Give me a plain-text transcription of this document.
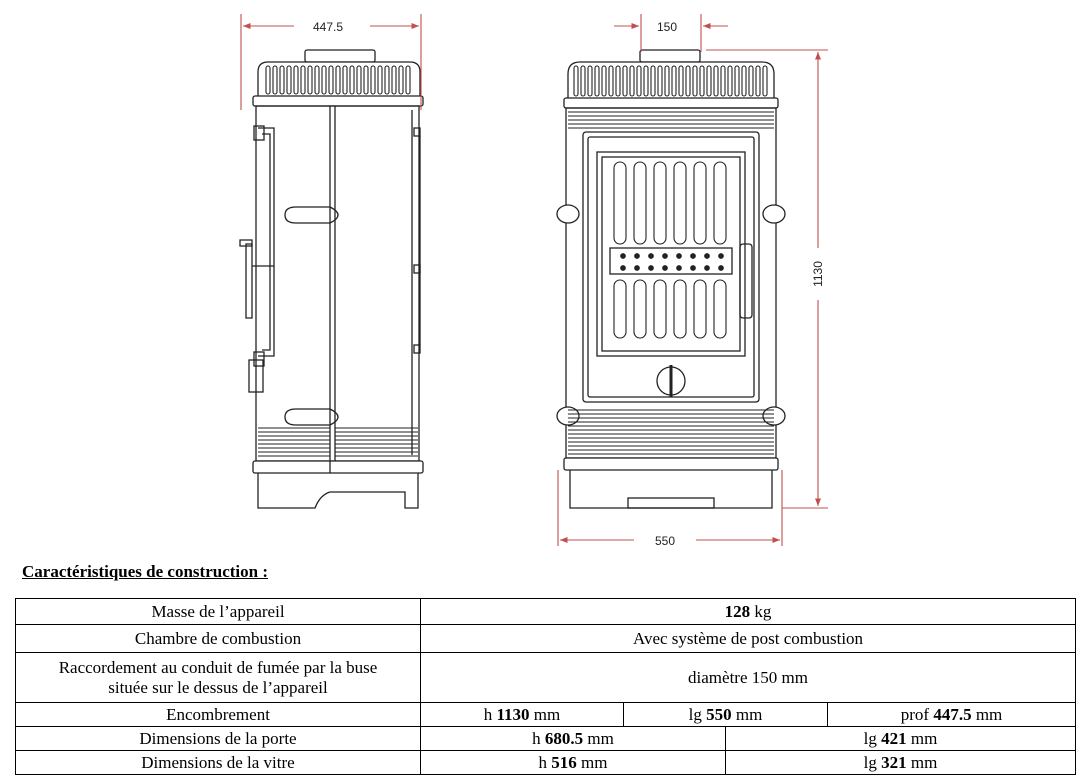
447.5	150
550
1130
Caractéristiques de construction :
Masse de l’appareil	128 kg			
Chambre de combustion	Avec système de post combustion			
Raccordement au conduit de fumée par la buse
située sur le dessus de l’appareil	diamètre 150 mm			
Encombrement	h 1130 mm	lg 550 mm		prof 447.5 mm
Dimensions de la porte	h 680.5 mm		lg 421 mm	
Dimensions de la vitre	h 516 mm		lg 321 mm	
